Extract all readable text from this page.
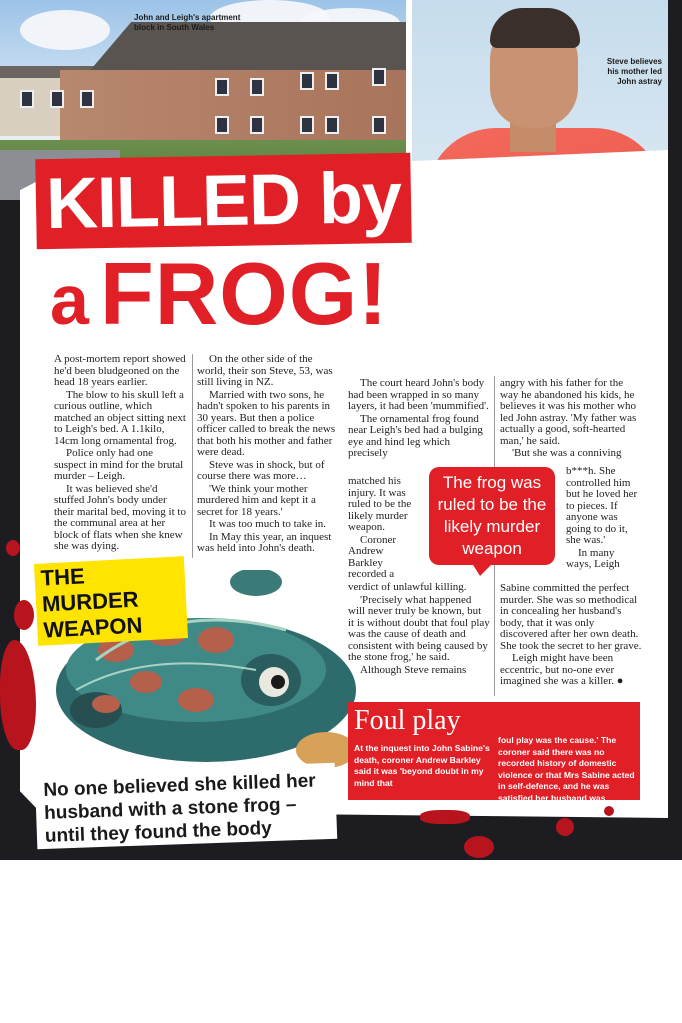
John and Leigh's apartment block in South Wales
Steve believes his mother led John astray
KILLED by
a FROG!

A post-mortem report showed he'd been bludgeoned on the head 18 years earlier.

The blow to his skull left a curious outline, which matched an object sitting next to Leigh's bed. A 1.1kilo, 14cm long ornamental frog.

Police only had one suspect in mind for the brutal murder – Leigh.

It was believed she'd stuffed John's body under their marital bed, moving it to the communal area at her block of flats when she knew she was dying.

On the other side of the world, their son Steve, 53, was still living in NZ.

Married with two sons, he hadn't spoken to his parents in 30 years. But then a police officer called to break the news that both his mother and father were dead.

Steve was in shock, but of course there was more…

'We think your mother murdered him and kept it a secret for 18 years.'

It was too much to take in.

In May this year, an inquest was held into John's death.

The court heard John's body had been wrapped in so many layers, it had been 'mummified'.

The ornamental frog found near Leigh's bed had a bulging eye and hind leg which precisely

matched his injury. It was ruled to be the likely murder weapon.

Coroner Andrew Barkley recorded a

verdict of unlawful killing.

'Precisely what happened will never truly be known, but it is without doubt that foul play was the cause of death and consistent with being caused by the stone frog,' he said.

Although Steve remains

angry with his father for the way he abandoned his kids, he believes it was his mother who led John astray. 'My father was actually a good, soft-hearted man,' he said.

'But she was a conniving

b***h. She controlled him but he loved her to pieces. If anyone was going to do it, she was.'

In many ways, Leigh

Sabine committed the perfect murder. She was so methodical in concealing her husband's body, that it was only discovered after her own death. She took the secret to her grave.

Leigh might have been eccentric, but no-one ever imagined she was a killer. ●

The frog was ruled to be the likely murder weapon
THE MURDER WEAPON
Foul play
At the inquest into John Sabine's death, coroner Andrew Barkley said it was 'beyond doubt in my mind that
foul play was the cause.' The coroner said there was no recorded history of domestic violence or that Mrs Sabine acted in self-defence, and he was satisfied her husband was unlawfully killed.
No one believed she killed her husband with a stone frog – until they found the body
